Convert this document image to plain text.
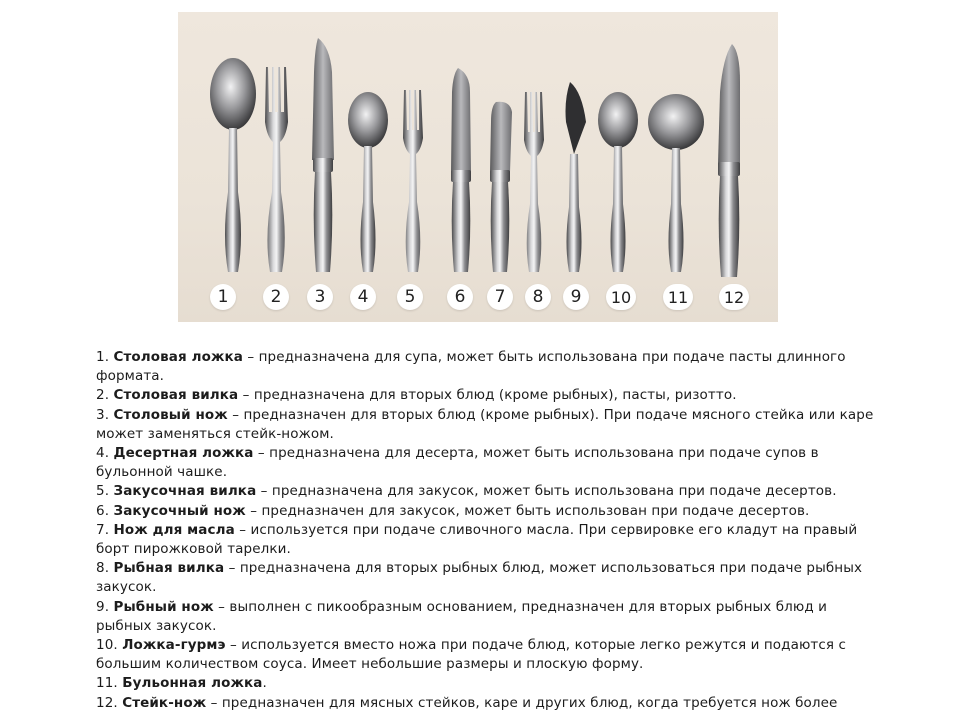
1	2	3	4	5	6	7	8	9	10	11	12

1. Столовая ложка – предназначена для супа, может быть использована при подаче пасты длинного формата.

2. Столовая вилка – предназначена для вторых блюд (кроме рыбных), пасты, ризотто.

3. Столовый нож – предназначен для вторых блюд (кроме рыбных). При подаче мясного стейка или каре может заменяться стейк-ножом.

4. Десертная ложка – предназначена для десерта, может быть использована при подаче супов в бульонной чашке.

5. Закусочная вилка – предназначена для закусок, может быть использована при подаче десертов.

6. Закусочный нож – предназначен для закусок, может быть использован при подаче десертов.

7. Нож для масла – используется при подаче сливочного масла. При сервировке его кладут на правый борт пирожковой тарелки.

8. Рыбная вилка – предназначена для вторых рыбных блюд, может использоваться при подаче рыбных закусок.

9. Рыбный нож – выполнен с пикообразным основанием, предназначен для вторых рыбных блюд и рыбных закусок.

10. Ложка-гурмэ – используется вместо ножа при подаче блюд, которые легко режутся и подаются с большим количеством соуса. Имеет небольшие размеры и плоскую форму.

11. Бульонная ложка.

12. Стейк-нож – предназначен для мясных стейков, каре и других блюд, когда требуется нож более
